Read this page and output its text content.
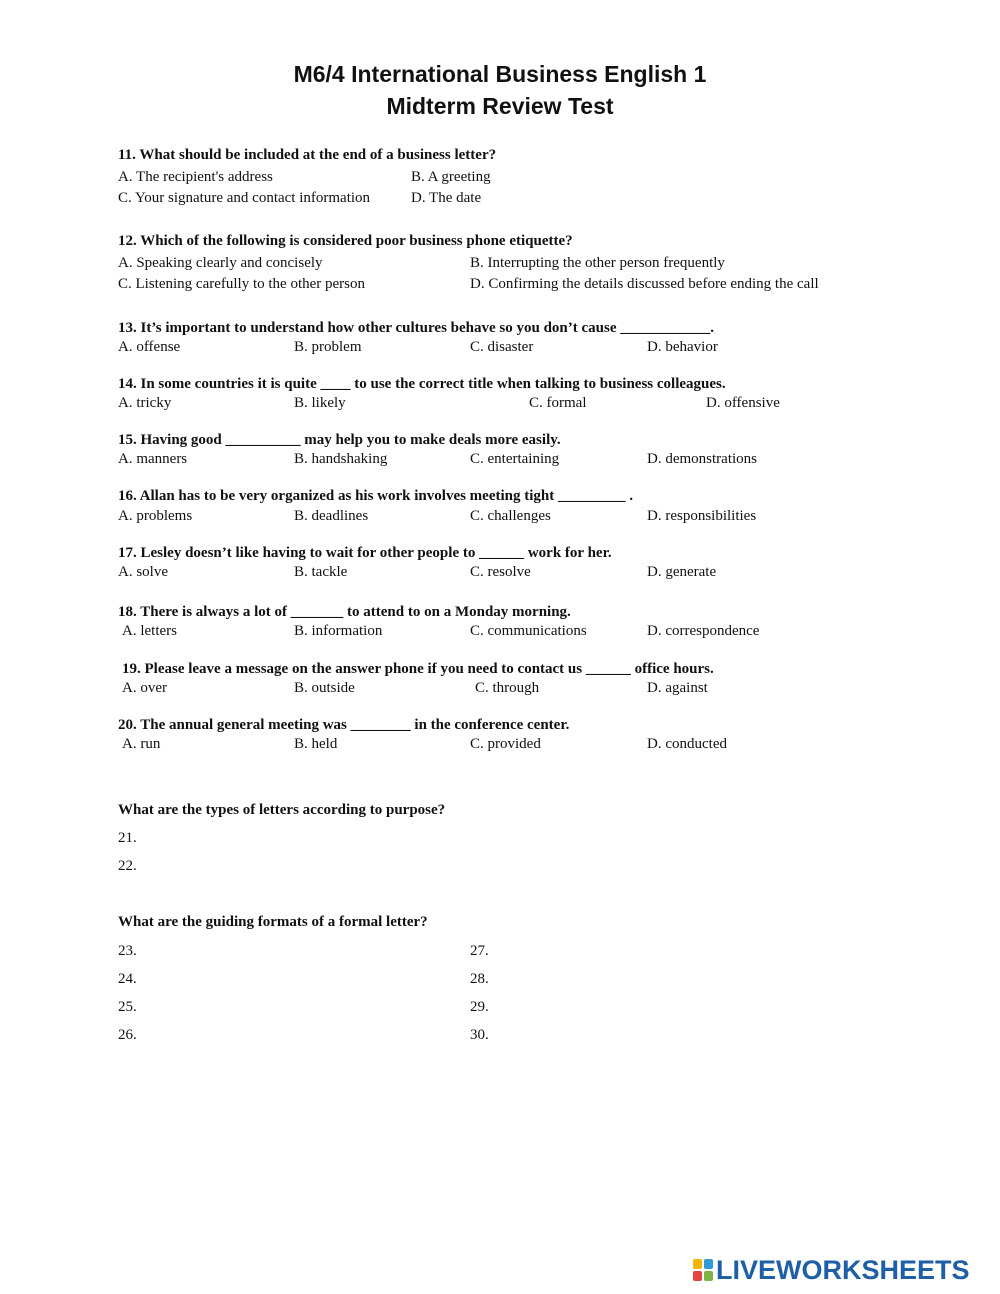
M6/4 International Business English 1
Midterm Review Test
11. What should be included at the end of a business letter?
A. The recipient's address	B. A greeting
C. Your signature and contact information	D. The date
12. Which of the following is considered poor business phone etiquette?
A. Speaking clearly and concisely	B. Interrupting the other person frequently
C. Listening carefully to the other person	D. Confirming the details discussed before ending the call
13. It’s important to understand how other cultures behave so you don’t cause ____________.
A. offense	B. problem	C. disaster	D. behavior
14. In some countries it is quite ____ to use the correct title when talking to business colleagues.
A. tricky	B. likely	C. formal	D. offensive
15. Having good __________ may help you to make deals more easily.
A. manners	B. handshaking	C. entertaining	D. demonstrations
16. Allan has to be very organized as his work involves meeting tight _________ .
A. problems	B. deadlines	C. challenges	D. responsibilities
17. Lesley doesn’t like having to wait for other people to ______ work for her.
A. solve	B. tackle	C. resolve	D. generate
18. There is always a lot of _______ to attend to on a Monday morning.
A. letters	B. information	C. communications	D. correspondence
19. Please leave a message on the answer phone if you need to contact us ______ office hours.
A. over	B. outside	C. through	D. against
20. The annual general meeting was ________ in the conference center.
A. run	B. held	C. provided	D. conducted
What are the types of letters according to purpose?
21.
22.
What are the guiding formats of a formal letter?
23.
24.
25.
26.
27.
28.
29.
30.
LIVEWORKSHEETS
